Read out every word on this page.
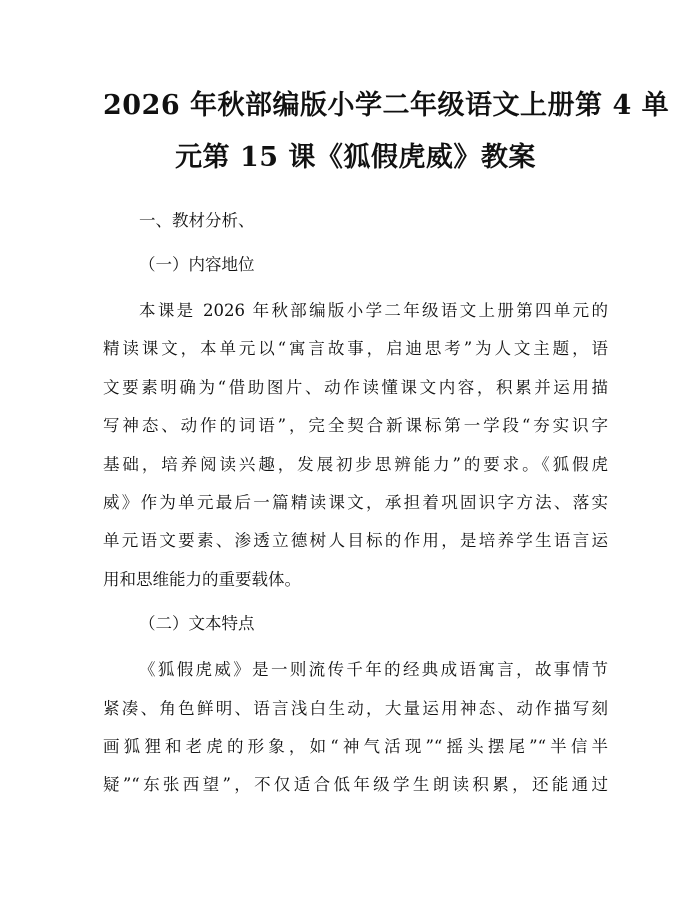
2026 年秋部编版小学二年级语文上册第 4 单
元第 15 课《狐假虎威》教案

一、教材分析、

（一）内容地位

本课是 2026 年秋部编版小学二年级语文上册第四单元的
精读课文，本单元以“寓言故事，启迪思考”为人文主题，语
文要素明确为“借助图片、动作读懂课文内容，积累并运用描
写神态、动作的词语”，完全契合新课标第一学段“夯实识字
基础，培养阅读兴趣，发展初步思辨能力”的要求。《狐假虎
威》作为单元最后一篇精读课文，承担着巩固识字方法、落实
单元语文要素、渗透立德树人目标的作用，是培养学生语言运
用和思维能力的重要载体。

（二）文本特点

《狐假虎威》是一则流传千年的经典成语寓言，故事情节
紧凑、角色鲜明、语言浅白生动，大量运用神态、动作描写刻
画狐狸和老虎的形象，如“神气活现”“摇头摆尾”“半信半
疑”“东张西望”，不仅适合低年级学生朗读积累，还能通过
